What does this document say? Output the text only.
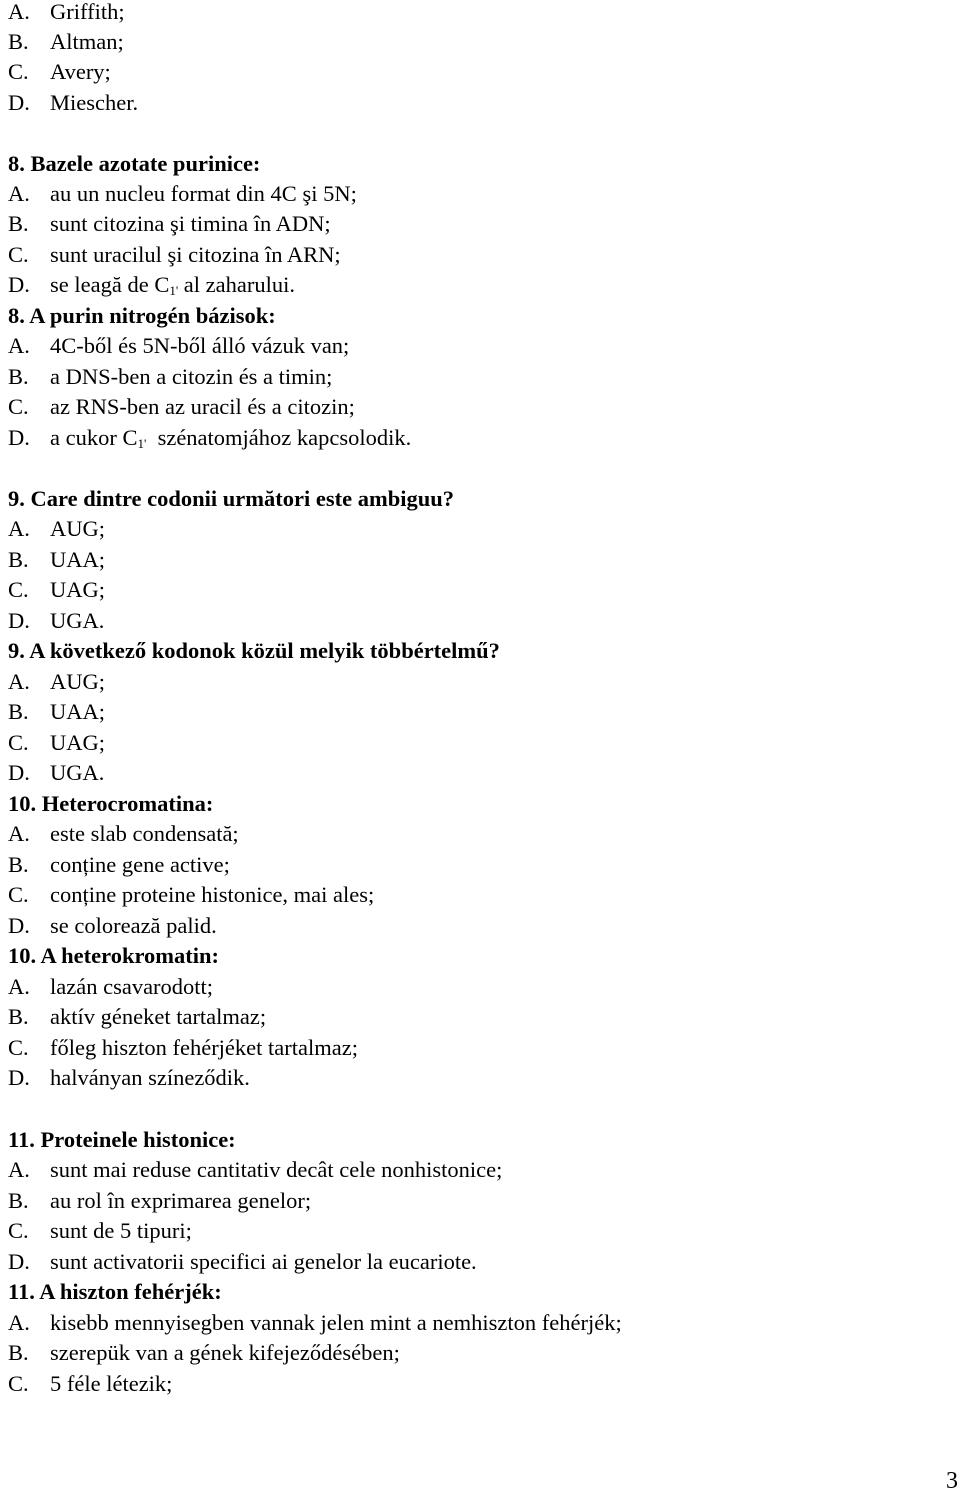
A. Griffith;
B. Altman;
C. Avery;
D. Miescher.
8. Bazele azotate purinice:
A. au un nucleu format din 4C şi 5N;
B. sunt citozina şi timina în ADN;
C. sunt uracilul şi citozina în ARN;
D. se leagă de $C_{1'}$ al zaharului.
8. A purin nitrogén bázisok:
A. 4C-ből és 5N-ből álló vázuk van;
B. a DNS-ben a citozin és a timin;
C. az RNS-ben az uracil és a citozin;
D. a cukor $C_{1'}$  szénatomjához kapcsolodik.
9. Care dintre codonii următori este ambiguu?
A. AUG;
B. UAA;
C. UAG;
D. UGA.
9. A következő kodonok közül melyik többértelmű?
A. AUG;
B. UAA;
C. UAG;
D. UGA.
10. Heterocromatina:
A. este slab condensată;
B. conține gene active;
C. conține proteine histonice, mai ales;
D. se colorează palid.
10. A heterokromatin:
A. lazán csavarodott;
B. aktív géneket tartalmaz;
C. főleg hiszton fehérjéket tartalmaz;
D. halványan színeződik.
11. Proteinele histonice:
A. sunt mai reduse cantitativ decât cele nonhistonice;
B. au rol în exprimarea genelor;
C. sunt de 5 tipuri;
D. sunt activatorii specifici ai genelor la eucariote.
11. A hiszton fehérjék:
A. kisebb mennyisegben vannak jelen mint a nemhiszton fehérjék;
B. szerepük van a gének kifejeződésében;
C. 5 féle létezik;
3
